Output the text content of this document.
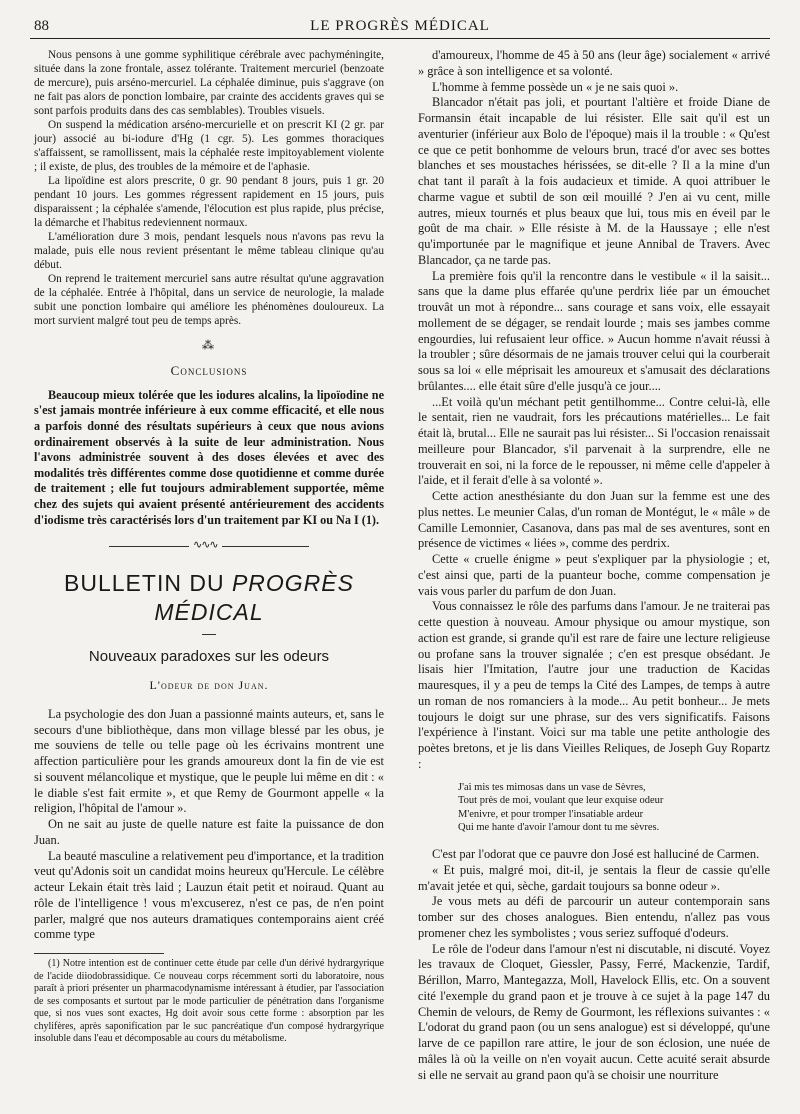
88	LE PROGRÈS MÉDICAL

Nous pensons à une gomme syphilitique cérébrale avec pachyméningite, située dans la zone frontale, assez tolérante. Traitement mercuriel (benzoate de mercure), puis arséno-mercuriel. La céphalée diminue, puis s'aggrave (on ne fait pas alors de ponction lombaire, par crainte des accidents graves qui se sont parfois produits dans des cas semblables). Troubles visuels.

On suspend la médication arséno-mercurielle et on prescrit KI (2 gr. par jour) associé au bi-iodure d'Hg (1 cgr. 5). Les gommes thoraciques s'affaissent, se ramollissent, mais la céphalée reste impitoyablement violente ; il existe, de plus, des troubles de la mémoire et de l'aphasie.

La lipoïdine est alors prescrite, 0 gr. 90 pendant 8 jours, puis 1 gr. 20 pendant 10 jours. Les gommes régressent rapidement en 15 jours, puis disparaissent ; la céphalée s'amende, l'élocution est plus rapide, plus précise, la démarche et l'habitus redeviennent normaux.

L'amélioration dure 3 mois, pendant lesquels nous n'avons pas revu la malade, puis elle nous revient présentant le même tableau clinique qu'au début.

On reprend le traitement mercuriel sans autre résultat qu'une aggravation de la céphalée. Entrée à l'hôpital, dans un service de neurologie, la malade subit une ponction lombaire qui améliore les phénomènes douloureux. La mort survient malgré tout peu de temps après.

⁂
Conclusions

Beaucoup mieux tolérée que les iodures alcalins, la lipoïodine ne s'est jamais montrée inférieure à eux comme efficacité, et elle nous a parfois donné des résultats supérieurs à ceux que nous avions ordinairement observés à la suite de leur administration. Nous l'avons administrée souvent à des doses élevées et avec des modalités très différentes comme dose quotidienne et comme durée de traitement ; elle fut toujours admirablement supportée, même chez des sujets qui avaient présenté antérieurement des accidents d'iodisme très caractérisés lors d'un traitement par KI ou Na I (1).

∿∿∿
BULLETIN DU PROGRÈS MÉDICAL
Nouveaux paradoxes sur les odeurs
L'odeur de don Juan.

La psychologie des don Juan a passionné maints auteurs, et, sans le secours d'une bibliothèque, dans mon village blessé par les obus, je me souviens de telle ou telle page où les écrivains montrent une affection particulière pour les grands amoureux dont la fin de vie est si souvent mélancolique et mystique, que le peuple lui même en dit : « le diable s'est fait ermite », et que Remy de Gourmont appelle « la religion, l'hôpital de l'amour ».

On ne sait au juste de quelle nature est faite la puissance de don Juan.

La beauté masculine a relativement peu d'importance, et la tradition veut qu'Adonis soit un candidat moins heureux qu'Hercule. Le célèbre acteur Lekain était très laid ; Lauzun était petit et noiraud. Quant au rôle de l'intelligence ! vous m'excuserez, n'est ce pas, de n'en point parler, malgré que nos auteurs dramatiques contemporains aient créé comme type

(1) Notre intention est de continuer cette étude par celle d'un dérivé hydrargyrique de l'acide diiodobrassidique. Ce nouveau corps récemment sorti du laboratoire, nous paraît à priori présenter un pharmacodynamisme intéressant à étudier, par l'association de ses composants et surtout par le mode particulier de pénétration dans l'organisme que, si nos vues sont exactes, Hg doit avoir sous cette forme : absorption par les chylifères, après saponification par le suc pancréatique d'un composé hydrargyrique insoluble dans l'eau et décomposable au cours du métabolisme.

d'amoureux, l'homme de 45 à 50 ans (leur âge) socialement « arrivé » grâce à son intelligence et sa volonté.

L'homme à femme possède un « je ne sais quoi ».

Blancador n'était pas joli, et pourtant l'altière et froide Diane de Formansin était incapable de lui résister. Elle sait qu'il est un aventurier (inférieur aux Bolo de l'époque) mais il la trouble : « Qu'est ce que ce petit bonhomme de velours brun, tracé d'or avec ses bottes blanches et ses moustaches hérissées, se dit-elle ? Il a la mine d'un chat tant il paraît à la fois audacieux et timide. A quoi attribuer le charme vague et subtil de son œil mouillé ? J'en ai vu cent, mille autres, mieux tournés et plus beaux que lui, tous mis en éveil par le goût de ma chair. » Elle résiste à M. de la Haussaye ; elle n'est qu'importunée par le magnifique et jeune Annibal de Travers. Avec Blancador, ça ne tarde pas.

La première fois qu'il la rencontre dans le vestibule « il la saisit... sans que la dame plus effarée qu'une perdrix liée par un émouchet trouvât un mot à répondre... sans courage et sans voix, elle essayait mollement de se dégager, se rendait lourde ; mais ses jambes comme engourdies, lui refusaient leur office. » Aucun homme n'avait réussi à la troubler ; sûre désormais de ne jamais trouver celui qui la courberait sous sa loi « elle méprisait les amoureux et s'amusait des déclarations brûlantes.... elle était sûre d'elle jusqu'à ce jour....

...Et voilà qu'un méchant petit gentilhomme... Contre celui-là, elle le sentait, rien ne vaudrait, fors les précautions matérielles... Le fait était là, brutal... Elle ne saurait pas lui résister... Si l'occasion renaissait meilleure pour Blancador, s'il parvenait à la surprendre, elle ne trouverait en soi, ni la force de le repousser, ni même celle d'appeler à l'aide, et il ferait d'elle à sa volonté ».

Cette action anesthésiante du don Juan sur la femme est une des plus nettes. Le meunier Calas, d'un roman de Montégut, le « mâle » de Camille Lemonnier, Casanova, dans pas mal de ses aventures, sont en présence de victimes « liées », comme des perdrix.

Cette « cruelle énigme » peut s'expliquer par la physiologie ; et, c'est ainsi que, parti de la puanteur boche, comme compensation je vais vous parler du parfum de don Juan.

Vous connaissez le rôle des parfums dans l'amour. Je ne traiterai pas cette question à nouveau. Amour physique ou amour mystique, son action est grande, si grande qu'il est rare de faire une lecture religieuse ou profane sans la trouver signalée ; c'en est presque obsédant. Je lisais hier l'Imitation, l'autre jour une traduction de Kacidas mauresques, il y a peu de temps la Cité des Lampes, de temps à autre un roman de nos romanciers à la mode... Au petit bonheur... Je mets toujours le doigt sur une phrase, sur des vers significatifs. Faisons l'expérience à l'instant. Voici sur ma table une petite anthologie des poètes bretons, et je lis dans Vieilles Reliques, de Joseph Guy Ropartz :

J'ai mis tes mimosas dans un vase de Sèvres,
Tout près de moi, voulant que leur exquise odeur
M'enivre, et pour tromper l'insatiable ardeur
Qui me hante d'avoir l'amour dont tu me sèvres.

C'est par l'odorat que ce pauvre don José est halluciné de Carmen.

« Et puis, malgré moi, dit-il, je sentais la fleur de cassie qu'elle m'avait jetée et qui, sèche, gardait toujours sa bonne odeur ».

Je vous mets au défi de parcourir un auteur contemporain sans tomber sur des choses analogues. Bien entendu, n'allez pas vous promener chez les symbolistes ; vous seriez suffoqué d'odeurs.

Le rôle de l'odeur dans l'amour n'est ni discutable, ni discuté. Voyez les travaux de Cloquet, Giessler, Passy, Ferré, Mackenzie, Tardif, Bérillon, Marro, Mantegazza, Moll, Havelock Ellis, etc. On a souvent cité l'exemple du grand paon et je trouve à ce sujet à la page 147 du Chemin de velours, de Remy de Gourmont, les réflexions suivantes : « L'odorat du grand paon (ou un sens analogue) est si développé, qu'une larve de ce papillon rare attire, le jour de son éclosion, une nuée de mâles là où la veille on n'en voyait aucun. Cette acuité serait absurde si elle ne servait au grand paon qu'à se choisir une nourriture
